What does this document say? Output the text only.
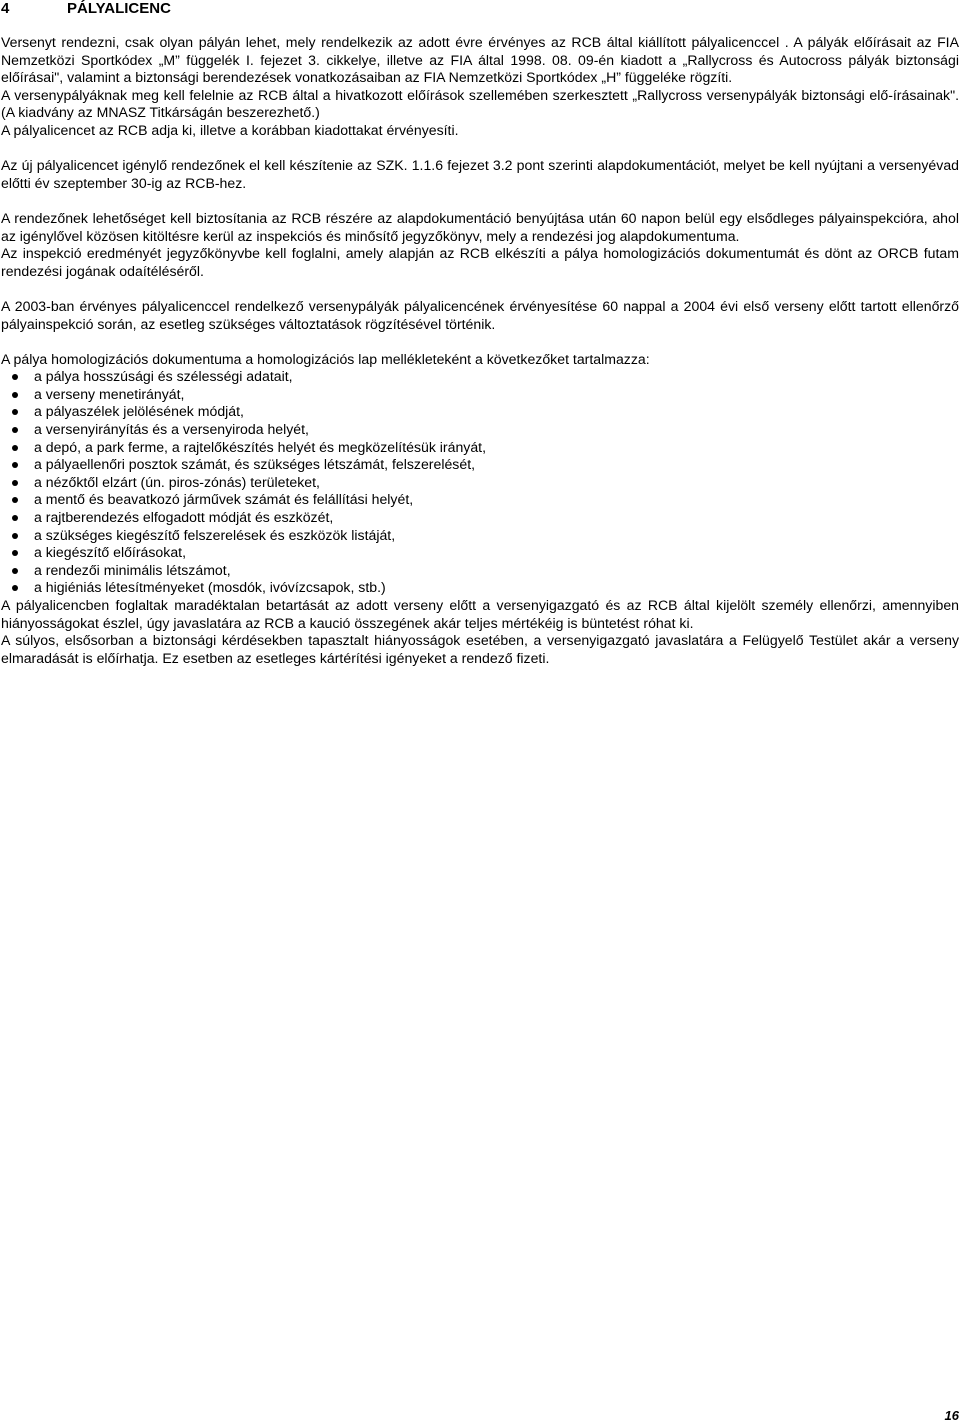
4	PÁLYALICENC

Versenyt rendezni, csak olyan pályán lehet, mely rendelkezik az adott évre érvényes az RCB által kiállított pályalicenccel . A pályák előírásait az FIA Nemzetközi Sportkódex „M” függelék I. fejezet 3. cikkelye, illetve az FIA által 1998. 08. 09-én kiadott a „Rallycross és Autocross pályák biztonsági előírásai", valamint a biztonsági berendezések vonatkozásaiban az FIA Nemzetközi Sportkódex „H” függeléke rögzíti.

A versenypályáknak meg kell felelnie az RCB által a hivatkozott előírások szellemében szerkesztett „Rallycross versenypályák biztonsági elő-írásainak". (A kiadvány az MNASZ Titkárságán beszerezhető.)

A pályalicencet az RCB adja ki, illetve a korábban kiadottakat érvényesíti.

Az új pályalicencet igénylő rendezőnek el kell készítenie az SZK. 1.1.6 fejezet 3.2 pont szerinti alapdokumentációt, melyet be kell nyújtani a versenyévad előtti év szeptember 30-ig az RCB-hez.

A rendezőnek lehetőséget kell biztosítania az RCB részére az alapdokumentáció benyújtása után 60 napon belül egy elsődleges pályainspekcióra, ahol az igénylővel közösen kitöltésre kerül az inspekciós és minősítő jegyzőkönyv, mely a rendezési jog alapdokumentuma.

Az inspekció eredményét jegyzőkönyvbe kell foglalni, amely alapján az RCB elkészíti a pálya homologizációs dokumentumát és dönt az ORCB futam rendezési jogának odaítéléséről.

A 2003-ban érvényes pályalicenccel rendelkező versenypályák pályalicencének érvényesítése 60 nappal a 2004 évi első verseny előtt tartott ellenőrző pályainspekció során, az esetleg szükséges változtatások rögzítésével történik.

A pálya homologizációs dokumentuma a homologizációs lap mellékleteként a következőket tartalmazza:

a pálya hosszúsági és szélességi adatait,
a verseny menetirányát,
a pályaszélek jelölésének módját,
a versenyirányítás és a versenyiroda helyét,
a depó, a park ferme, a rajtelőkészítés helyét és megközelítésük irányát,
a pályaellenőri posztok számát, és szükséges létszámát, felszerelését,
a nézőktől elzárt (ún. piros-zónás) területeket,
a mentő és beavatkozó járművek számát és felállítási helyét,
a rajtberendezés elfogadott módját és eszközét,
a szükséges kiegészítő felszerelések és eszközök listáját,
a kiegészítő előírásokat,
a rendezői minimális létszámot,
a higiéniás létesítményeket (mosdók, ivóvízcsapok, stb.)

A pályalicencben foglaltak maradéktalan betartását az adott verseny előtt a versenyigazgató és az RCB által kijelölt személy ellenőrzi, amennyiben hiányosságokat észlel, úgy javaslatára az RCB a kaució összegének akár teljes mértékéig is büntetést róhat ki.

A súlyos, elsősorban a biztonsági kérdésekben tapasztalt hiányosságok esetében, a versenyigazgató javaslatára a Felügyelő Testület akár a verseny elmaradását is előírhatja. Ez esetben az esetleges kártérítési igényeket a rendező fizeti.

16
